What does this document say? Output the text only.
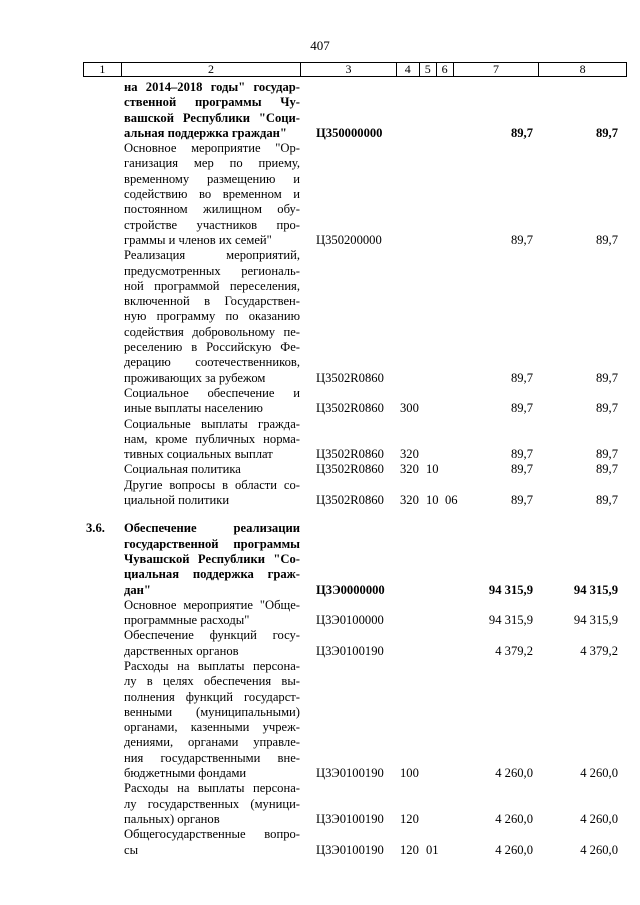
407
1	2	3	4	5 6	7	8
на 2014–2018 годы" государ-
ственной программы Чу-
вашской Республики "Соци-
альная поддержка граждан"	Ц350000000	89,7	89,7
Основное мероприятие "Ор-
ганизация мер по приему,
временному размещению и
содействию во временном и
постоянном жилищном обу-
стройстве участников про-
граммы и членов их семей"	Ц350200000	89,7	89,7
Реализация мероприятий,
предусмотренных региональ-
ной программой переселения,
включенной в Государствен-
ную программу по оказанию
содействия добровольному пе-
реселению в Российскую Фе-
дерацию соотечественников,
проживающих за рубежом	Ц3502R0860	89,7	89,7
Социальное обеспечение и
иные выплаты населению	Ц3502R0860 300	89,7	89,7
Социальные выплаты гражда-
нам, кроме публичных норма-
тивных социальных выплат	Ц3502R0860 320	89,7	89,7
Социальная политика	Ц3502R0860 320 10	89,7	89,7
Другие вопросы в области со-
циальной политики	Ц3502R0860 320 10 06	89,7	89,7
3.6. Обеспечение реализации
государственной программы
Чувашской Республики "Со-
циальная поддержка граж-
дан"	Ц3Э0000000	94 315,9	94 315,9
Основное мероприятие "Обще-
программные расходы"	Ц3Э0100000	94 315,9	94 315,9
Обеспечение функций госу-
дарственных органов	Ц3Э0100190	4 379,2	4 379,2
Расходы на выплаты персона-
лу в целях обеспечения вы-
полнения функций государст-
венными (муниципальными)
органами, казенными учреж-
дениями, органами управле-
ния государственными вне-
бюджетными фондами	Ц3Э0100190 100	4 260,0	4 260,0
Расходы на выплаты персона-
лу государственных (муници-
пальных) органов	Ц3Э0100190 120	4 260,0	4 260,0
Общегосударственные вопро-
сы	Ц3Э0100190 120 01	4 260,0	4 260,0
